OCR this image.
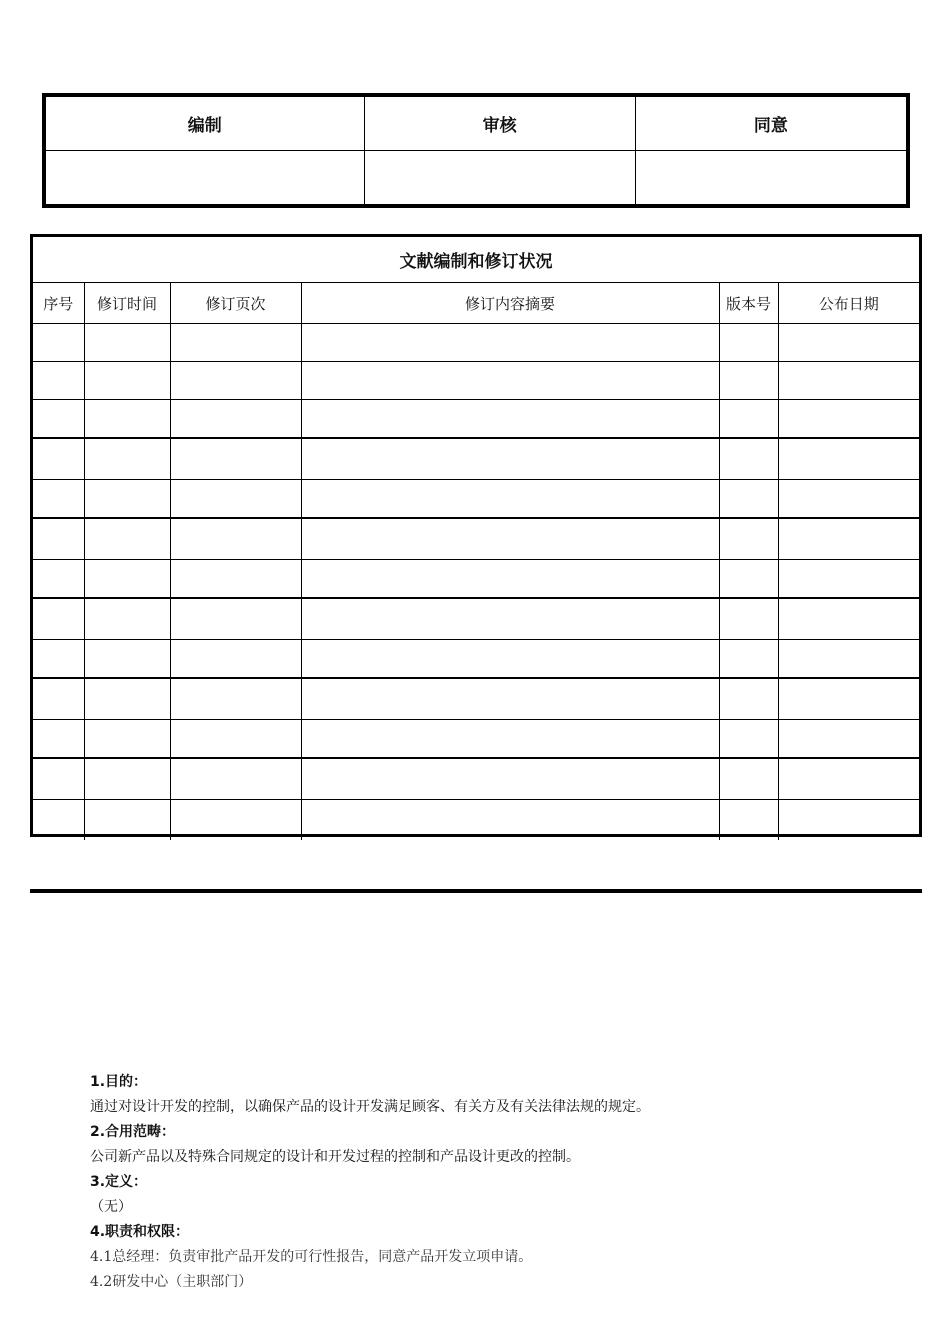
编制	审核	同意

文献编制和修订状况					
序号	修订时间	修订页次	修订内容摘要	版本号	公布日期

1.目的：
通过对设计开发的控制，以确保产品的设计开发满足顾客、有关方及有关法律法规的规定。
2.合用范畴：
公司新产品以及特殊合同规定的设计和开发过程的控制和产品设计更改的控制。
3.定义：
（无）
4.职责和权限：
4.1总经理：负责审批产品开发的可行性报告，同意产品开发立项申请。
4.2研发中心（主职部门）
